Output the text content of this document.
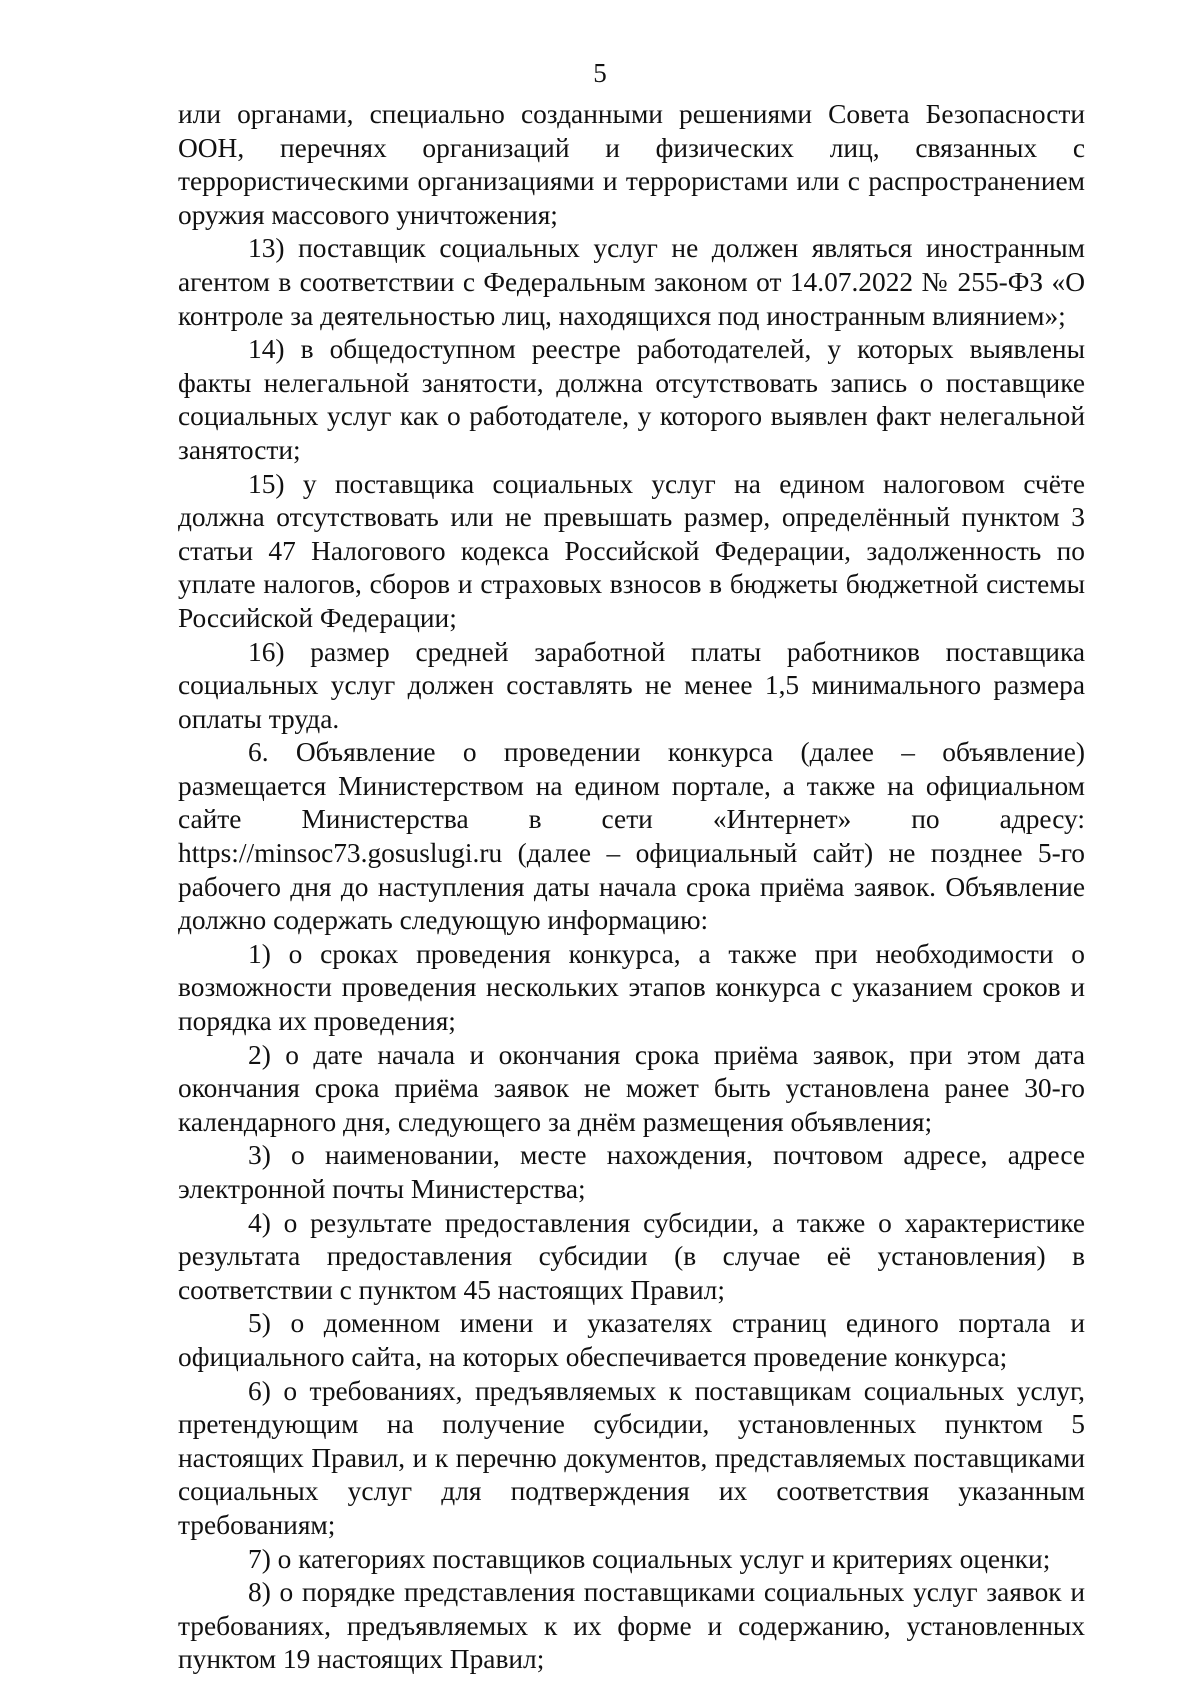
5

или органами, специально созданными решениями Совета Безопасности ООН, перечнях организаций и физических лиц, связанных с террористическими организациями и террористами или с распространением оружия массового уничтожения;

13) поставщик социальных услуг не должен являться иностранным агентом в соответствии с Федеральным законом от 14.07.2022 № 255-ФЗ «О контроле за деятельностью лиц, находящихся под иностранным влиянием»;

14) в общедоступном реестре работодателей, у которых выявлены факты нелегальной занятости, должна отсутствовать запись о поставщике социальных услуг как о работодателе, у которого выявлен факт нелегальной занятости;

15) у поставщика социальных услуг на едином налоговом счёте должна отсутствовать или не превышать размер, определённый пунктом 3 статьи 47 Налогового кодекса Российской Федерации, задолженность по уплате налогов, сборов и страховых взносов в бюджеты бюджетной системы Российской Федерации;

16) размер средней заработной платы работников поставщика социальных услуг должен составлять не менее 1,5 минимального размера оплаты труда.

6. Объявление о проведении конкурса (далее – объявление) размещается Министерством на едином портале, а также на официальном сайте Министерства в сети «Интернет» по адресу: https://minsoc73.gosuslugi.ru (далее – официальный сайт) не позднее 5-го рабочего дня до наступления даты начала срока приёма заявок. Объявление должно содержать следующую информацию:

1) о сроках проведения конкурса, а также при необходимости о возможности проведения нескольких этапов конкурса с указанием сроков и порядка их проведения;

2) о дате начала и окончания срока приёма заявок, при этом дата окончания срока приёма заявок не может быть установлена ранее 30-го календарного дня, следующего за днём размещения объявления;

3) о наименовании, месте нахождения, почтовом адресе, адресе электронной почты Министерства;

4) о результате предоставления субсидии, а также о характеристике результата предоставления субсидии (в случае её установления) в соответствии с пунктом 45 настоящих Правил;

5) о доменном имени и указателях страниц единого портала и официального сайта, на которых обеспечивается проведение конкурса;

6) о требованиях, предъявляемых к поставщикам социальных услуг, претендующим на получение субсидии, установленных пунктом 5 настоящих Правил, и к перечню документов, представляемых поставщиками социальных услуг для подтверждения их соответствия указанным требованиям;

7) о категориях поставщиков социальных услуг и критериях оценки;

8) о порядке представления поставщиками социальных услуг заявок и требованиях, предъявляемых к их форме и содержанию, установленных пунктом 19 настоящих Правил;
